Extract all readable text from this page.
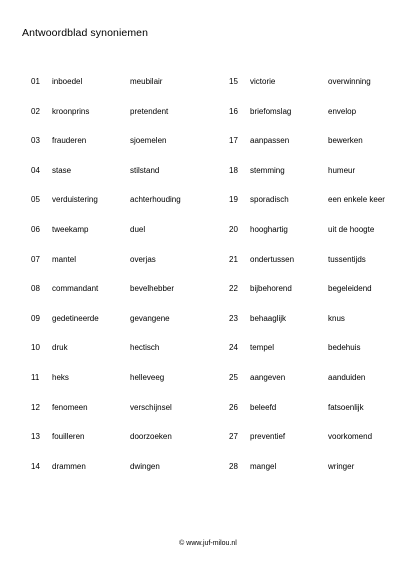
Antwoordblad synoniemen
01 inboedel	meubilair
02 kroonprins	pretendent
03 frauderen	sjoemelen
04 stase	stilstand
05 verduistering	achterhouding
06 tweekamp	duel
07 mantel	overjas
08 commandant	bevelhebber
09 gedetineerde	gevangene
10 druk	hectisch
11 heks	helleveeg
12 fenomeen	verschijnsel
13 fouilleren	doorzoeken
14 drammen	dwingen
15 victorie	overwinning
16 briefomslag	envelop
17 aanpassen	bewerken
18 stemming	humeur
19 sporadisch	een enkele keer
20 hooghartig	uit de hoogte
21 ondertussen	tussentijds
22 bijbehorend	begeleidend
23 behaaglijk	knus
24 tempel	bedehuis
25 aangeven	aanduiden
26 beleefd	fatsoenlijk
27 preventief	voorkomend
28 mangel	wringer
© www.juf-milou.nl
